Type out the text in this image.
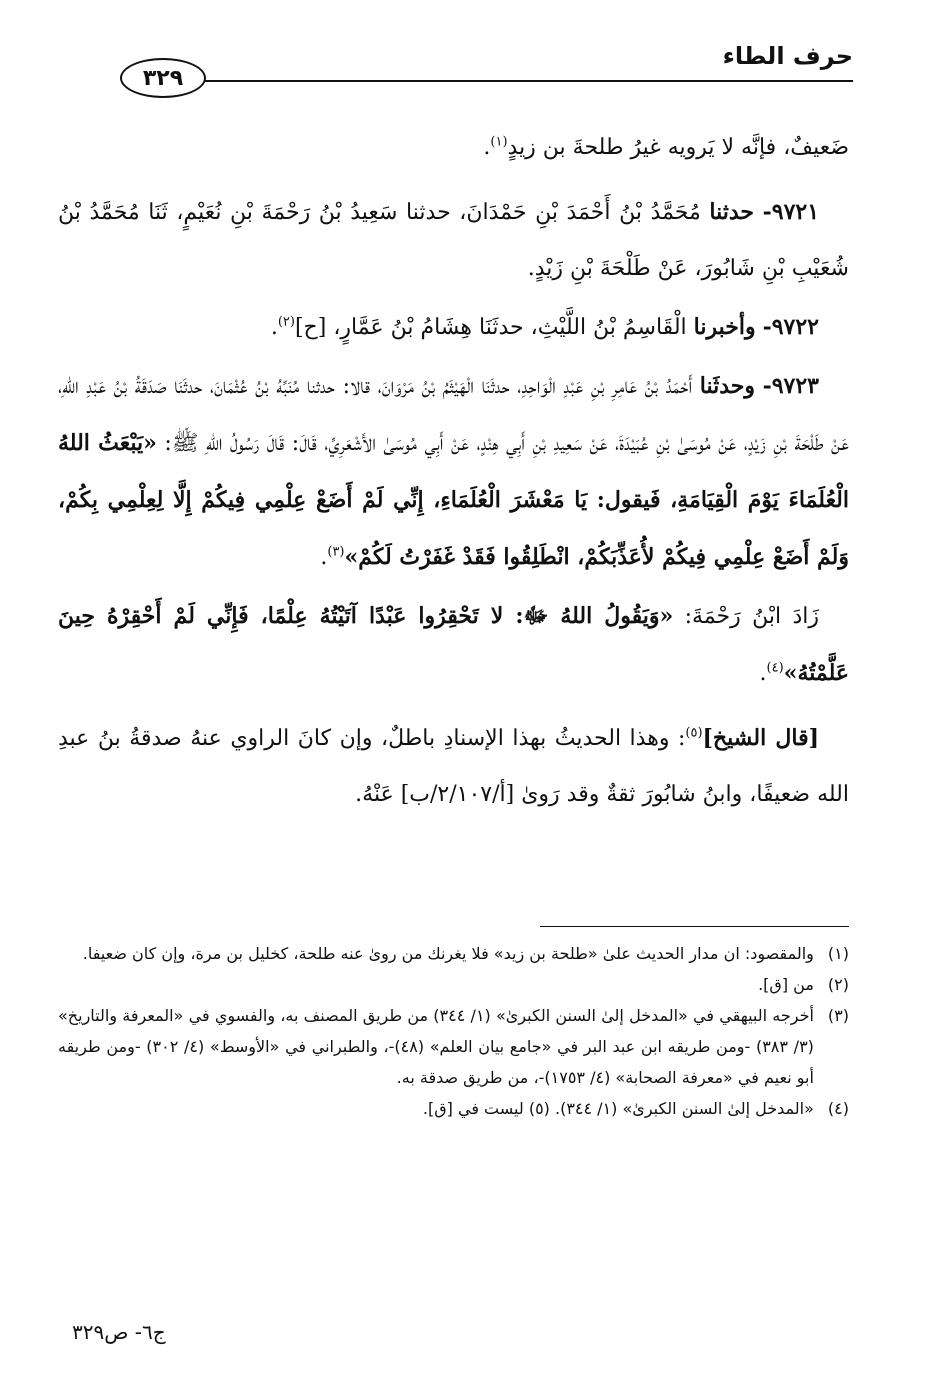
حرف الطاء
٣٢٩

ضَعيفٌ، فإنَّه لا يَرويه غيرُ طلحةَ بن زيدٍ$^{(١)}$.

٩٧٢١- حدثنا مُحَمَّدُ بْنُ أَحْمَدَ بْنِ حَمْدَانَ، حدثنا سَعِيدُ بْنُ رَحْمَةَ بْنِ نُعَيْمٍ، ثَنَا مُحَمَّدُ بْنُ شُعَيْبِ بْنِ شَابُورَ، عَنْ طَلْحَةَ بْنِ زَيْدٍ.

٩٧٢٢- وأخبرنا الْقَاسِمُ بْنُ اللَّيْثِ، حدثَنَا هِشَامُ بْنُ عَمَّارٍ، [ح]$^{(٢)}$.

٩٧٢٣- وحدثَنا أَحْمَدُ بْنُ عَامِرِ بْنِ عَبْدِ الْوَاحِدِ، حدثَنَا الْهَيْثَمُ بْنُ مَرْوَانَ، قالا: حدثنا مُنَبِّهُ بْنُ عُثْمَانَ، حدثَنَا صَدَقَةُ بْنُ عَبْدِ اللهِ، عَنْ طَلْحَةَ بْنِ زَيْدٍ، عَنْ مُوسَىٰ بْنِ عُبَيْدَةَ، عَنْ سَعِيدِ بْنِ أَبِي هِنْدٍ، عَنْ أَبِي مُوسَىٰ الأَشْعَرِيِّ، قَالَ: قَالَ رَسُولُ اللهِ ﷺ: «يَبْعَثُ اللهُ الْعُلَمَاءَ يَوْمَ الْقِيَامَةِ، فَيقول: يَا مَعْشَرَ الْعُلَمَاءِ، إِنِّي لَمْ أَضَعْ عِلْمِي فِيكُمْ إِلَّا لِعِلْمِي بِكُمْ، وَلَمْ أَضَعْ عِلْمِي فِيكُمْ لأُعَذِّبَكُمْ، انْطَلِقُوا فَقَدْ غَفَرْتُ لَكُمْ»$^{(٣)}$.

زَادَ ابْنُ رَحْمَةَ: «وَيَقُولُ اللهُ ﷻ: لا تَحْقِرُوا عَبْدًا آتَيْتُهُ عِلْمًا، فَإِنِّي لَمْ أَحْقِرْهُ حِينَ عَلَّمْتُهُ»$^{(٤)}$.

[قال الشيخ]$^{(٥)}$: وهذا الحديثُ بهذا الإسنادِ باطلٌ، وإن كانَ الراوي عنهُ صدقةُ بنُ عبدِ الله ضعيفًا، وابنُ شابُورَ ثقةٌ وقد رَوىٰ [أ/٢/١٠٧/ب] عَنْهُ.

(١)
والمقصود: ان مدار الحديث علىٰ «طلحة بن زيد» فلا يغرنك من روىٰ عنه طلحة، كخليل بن مرة، وإن كان ضعيفا.
(٢)
من [ق].
(٣)
أخرجه البيهقي في «المدخل إلىٰ السنن الكبرىٰ» (١/ ٣٤٤) من طريق المصنف به، والفسوي في «المعرفة والتاريخ» (٣/ ٣٨٣) -ومن طريقه ابن عبد البر في «جامع بيان العلم» (٤٨)-، والطبراني في «الأوسط» (٤/ ٣٠٢) -ومن طريقه أبو نعيم في «معرفة الصحابة» (٤/ ١٧٥٣)-، من طريق صدقة به.
(٤)
«المدخل إلىٰ السنن الكبرىٰ» (١/ ٣٤٤). (٥) ليست في [ق].
ج٦- ص٣٢٩
